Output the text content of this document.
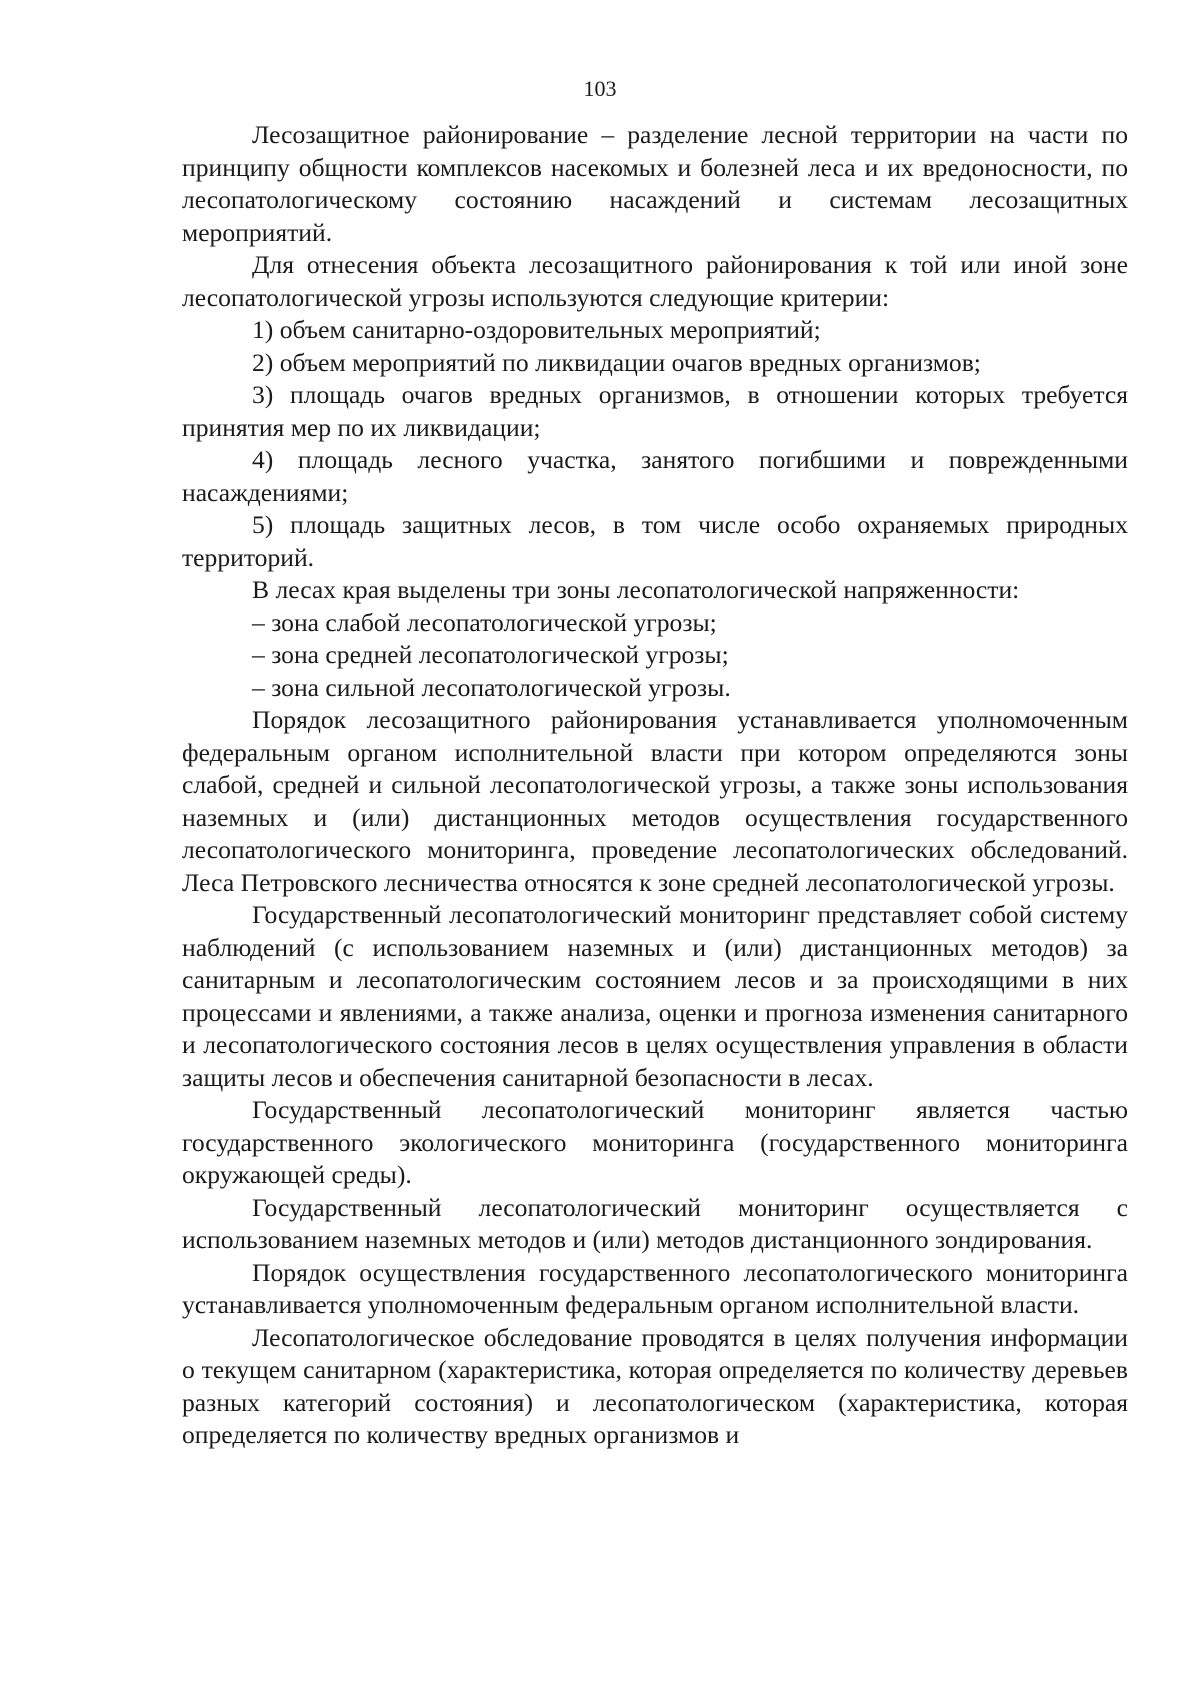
103

Лесозащитное районирование – разделение лесной территории на части по принципу общности комплексов насекомых и болезней леса и их вредоносности, по лесопатологическому состоянию насаждений и системам лесозащитных мероприятий.

Для отнесения объекта лесозащитного районирования к той или иной зоне лесопатологической угрозы используются следующие критерии:

1) объем санитарно-оздоровительных мероприятий;

2) объем мероприятий по ликвидации очагов вредных организмов;

3) площадь очагов вредных организмов, в отношении которых требуется принятия мер по их ликвидации;

4) площадь лесного участка, занятого погибшими и поврежденными насаждениями;

5) площадь защитных лесов, в том числе особо охраняемых природных территорий.

В лесах края выделены три зоны лесопатологической напряженности:

– зона слабой лесопатологической угрозы;

– зона средней лесопатологической угрозы;

– зона сильной лесопатологической угрозы.

Порядок лесозащитного районирования устанавливается уполномоченным федеральным органом исполнительной власти при котором определяются зоны слабой, средней и сильной лесопатологической угрозы, а также зоны использования наземных и (или) дистанционных методов осуществления государственного лесопатологического мониторинга, проведение лесопатологических обследований. Леса Петровского лесничества относятся к зоне средней лесопатологической угрозы.

Государственный лесопатологический мониторинг представляет собой систему наблюдений (с использованием наземных и (или) дистанционных методов) за санитарным и лесопатологическим состоянием лесов и за происходящими в них процессами и явлениями, а также анализа, оценки и прогноза изменения санитарного и лесопатологического состояния лесов в целях осуществления управления в области защиты лесов и обеспечения санитарной безопасности в лесах.

Государственный лесопатологический мониторинг является частью государственного экологического мониторинга (государственного мониторинга окружающей среды).

Государственный лесопатологический мониторинг осуществляется с использованием наземных методов и (или) методов дистанционного зондирования.

Порядок осуществления государственного лесопатологического мониторинга устанавливается уполномоченным федеральным органом исполнительной власти.

Лесопатологическое обследование проводятся в целях получения информации о текущем санитарном (характеристика, которая определяется по количеству деревьев разных категорий состояния) и лесопатологическом (характеристика, которая определяется по количеству вредных организмов и
